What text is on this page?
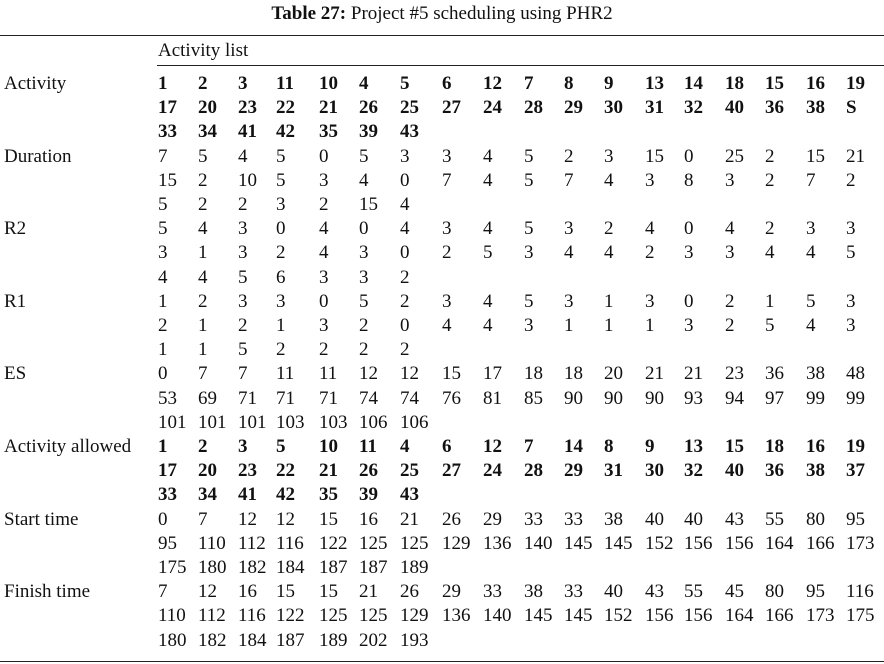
Table 27: Project #5 scheduling using PHR2
Activity list
Activity	1 2 3 11 10 4 5 6 12 7 8 9 13 14 18 15 16 19
17 20 23 22 21 26 25 27 24 28 29 30 31 32 40 36 38 S
33 34 41 42 35 39 43
Duration	7 5 4 5 0 5 3 3 4 5 2 3 15 0 25 2 15 21
15 2 10 5 3 4 0 7 4 5 7 4 3 8 3 2 7 2
5 2 2 3 2 15 4
R2	5 4 3 0 4 0 4 3 4 5 3 2 4 0 4 2 3 3
3 1 3 2 4 3 0 2 5 3 4 4 2 3 3 4 4 5
4 4 5 6 3 3 2
R1	1 2 3 3 0 5 2 3 4 5 3 1 3 0 2 1 5 3
2 1 2 1 3 2 0 4 4 3 1 1 1 3 2 5 4 3
1 1 5 2 2 2 2
ES	0 7 7 11 11 12 12 15 17 18 18 20 21 21 23 36 38 48
53 69 71 71 71 74 74 76 81 85 90 90 90 93 94 97 99 99
101 101 101 103 103 106 106
Activity allowed 1 2 3 5 10 11 4 6 12 7 14 8 9 13 15 18 16 19
17 20 23 22 21 26 25 27 24 28 29 31 30 32 40 36 38 37
33 34 41 42 35 39 43
Start time	0 7 12 12 15 16 21 26 29 33 33 38 40 40 43 55 80 95
95 110 112 116 122 125 125 129 136 140 145 145 152 156 156 164 166 173
175 180 182 184 187 187 189
Finish time	7 12 16 15 15 21 26 29 33 38 33 40 43 55 45 80 95 116
110 112 116 122 125 125 129 136 140 145 145 152 156 156 164 166 173 175
180 182 184 187 189 202 193
